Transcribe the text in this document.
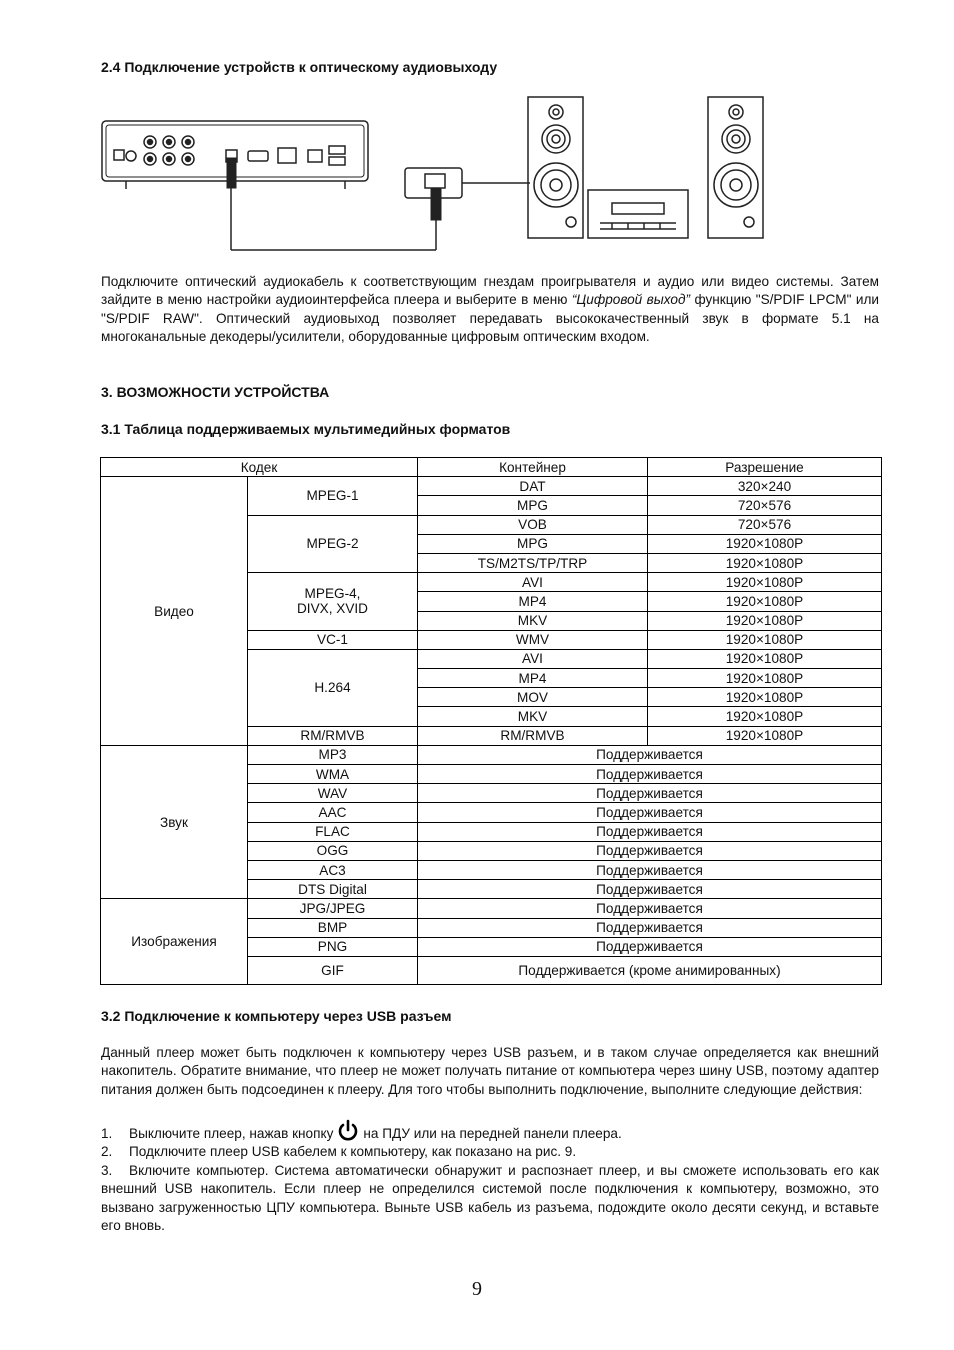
2.4 Подключение устройств к оптическому аудиовыходу

Подключите оптический аудиокабель к соответствующим гнездам проигрывателя и аудио или видео системы. Затем зайдите в меню настройки аудиоинтерфейса плеера и выберите в меню “Цифровой выход” функцию "S/PDIF LPCM" или "S/PDIF RAW". Оптический аудиовыход позволяет передавать высококачественный звук в формате 5.1 на многоканальные декодеры/усилители, оборудованные цифровым оптическим входом.

3. ВОЗМОЖНОСТИ УСТРОЙСТВА

3.1 Таблица поддерживаемых мультимедийных форматов

Кодек		Контейнер	Разрешение
Видео	MPEG-1	DAT	320×240
		MPG	720×576
	MPEG-2	VOB	720×576
		MPG	1920×1080P
		TS/M2TS/TP/TRP	1920×1080P
	MPEG-4,
DIVX, XVID	AVI	1920×1080P
		MP4	1920×1080P
		MKV	1920×1080P
	VC-1	WMV	1920×1080P
	H.264	AVI	1920×1080P
		MP4	1920×1080P
		MOV	1920×1080P
		MKV	1920×1080P
	RM/RMVB	RM/RMVB	1920×1080P
Звук	MP3	Поддерживается	
	WMA	Поддерживается	
	WAV	Поддерживается	
	AAC	Поддерживается	
	FLAC	Поддерживается	
	OGG	Поддерживается	
	AC3	Поддерживается	
	DTS Digital	Поддерживается	
Изображения	JPG/JPEG	Поддерживается	
	BMP	Поддерживается	
	PNG	Поддерживается	
	GIF	Поддерживается (кроме анимированных)	

3.2 Подключение к компьютеру через USB разъем

Данный плеер может быть подключен к компьютеру через USB разъем, и в таком случае определяется как внешний накопитель. Обратите внимание, что плеер не может получать питание от компьютера через шину USB, поэтому адаптер питания должен быть подсоединен к плееру. Для того чтобы выполнить подключение, выполните следующие действия:

1. Выключите плеер, нажав кнопку на ПДУ или на передней панели плеера.
2. Подключите плеер USB кабелем к компьютеру, как показано на рис. 9.

3. Включите компьютер. Система автоматически обнаружит и распознает плеер, и вы сможете использовать его как внешний USB накопитель. Если плеер не определился системой после подключения к компьютеру, возможно, это вызвано загруженностью ЦПУ компьютера. Выньте USB кабель из разъема, подождите около десяти секунд, и вставьте его вновь.

9
